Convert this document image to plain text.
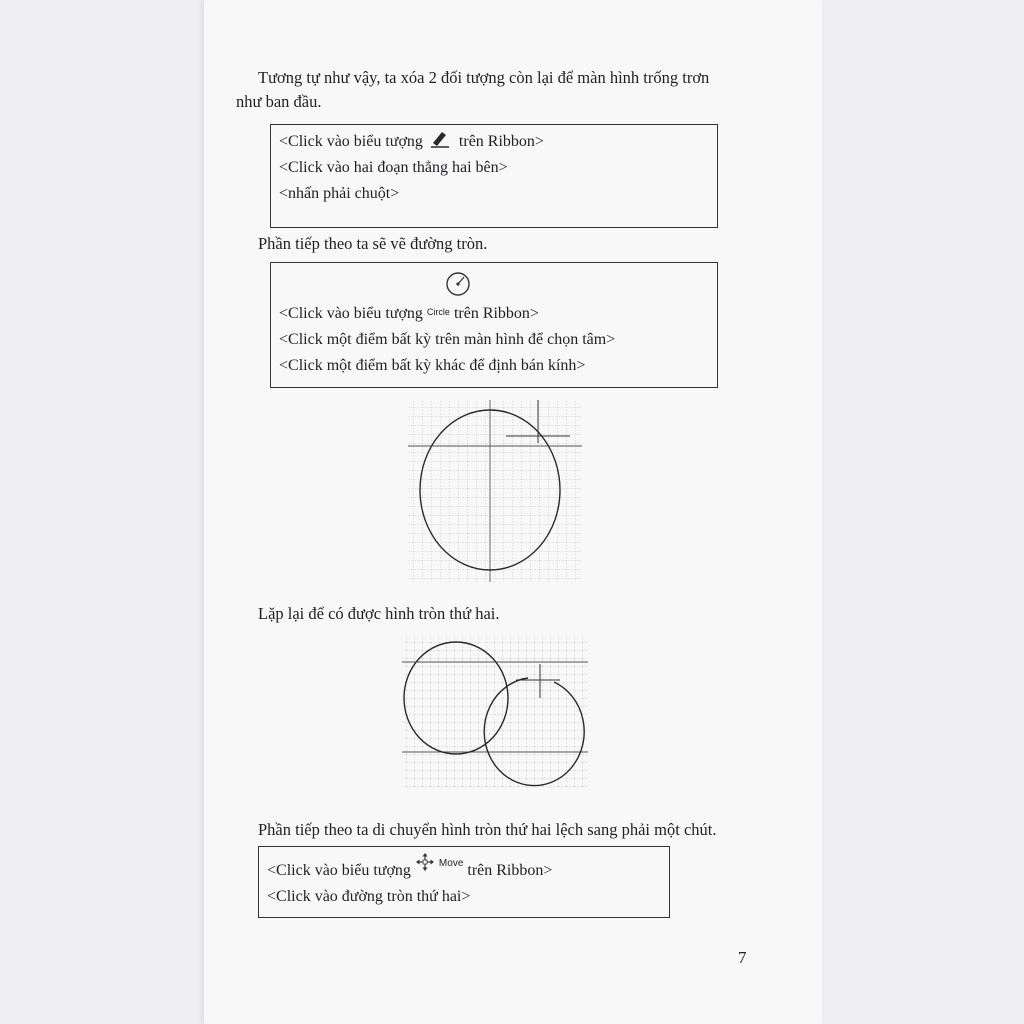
Tương tự như vậy, ta xóa 2 đối tượng còn lại để màn hình trống trơn
như ban đầu.
<Click vào biểu tượng trên Ribbon>
<Click vào hai đoạn thẳng hai bên>
<nhấn phải chuột>
Phần tiếp theo ta sẽ vẽ đường tròn.
<Click vào biểu tượng Circle trên Ribbon>
<Click một điểm bất kỳ trên màn hình để chọn tâm>
<Click một điểm bất kỳ khác để định bán kính>
Lặp lại để có được hình tròn thứ hai.
Phần tiếp theo ta di chuyển hình tròn thứ hai lệch sang phải một chút.
<Click vào biểu tượng	$^{Move}$ trên Ribbon>
<Click vào đường tròn thứ hai>
7
